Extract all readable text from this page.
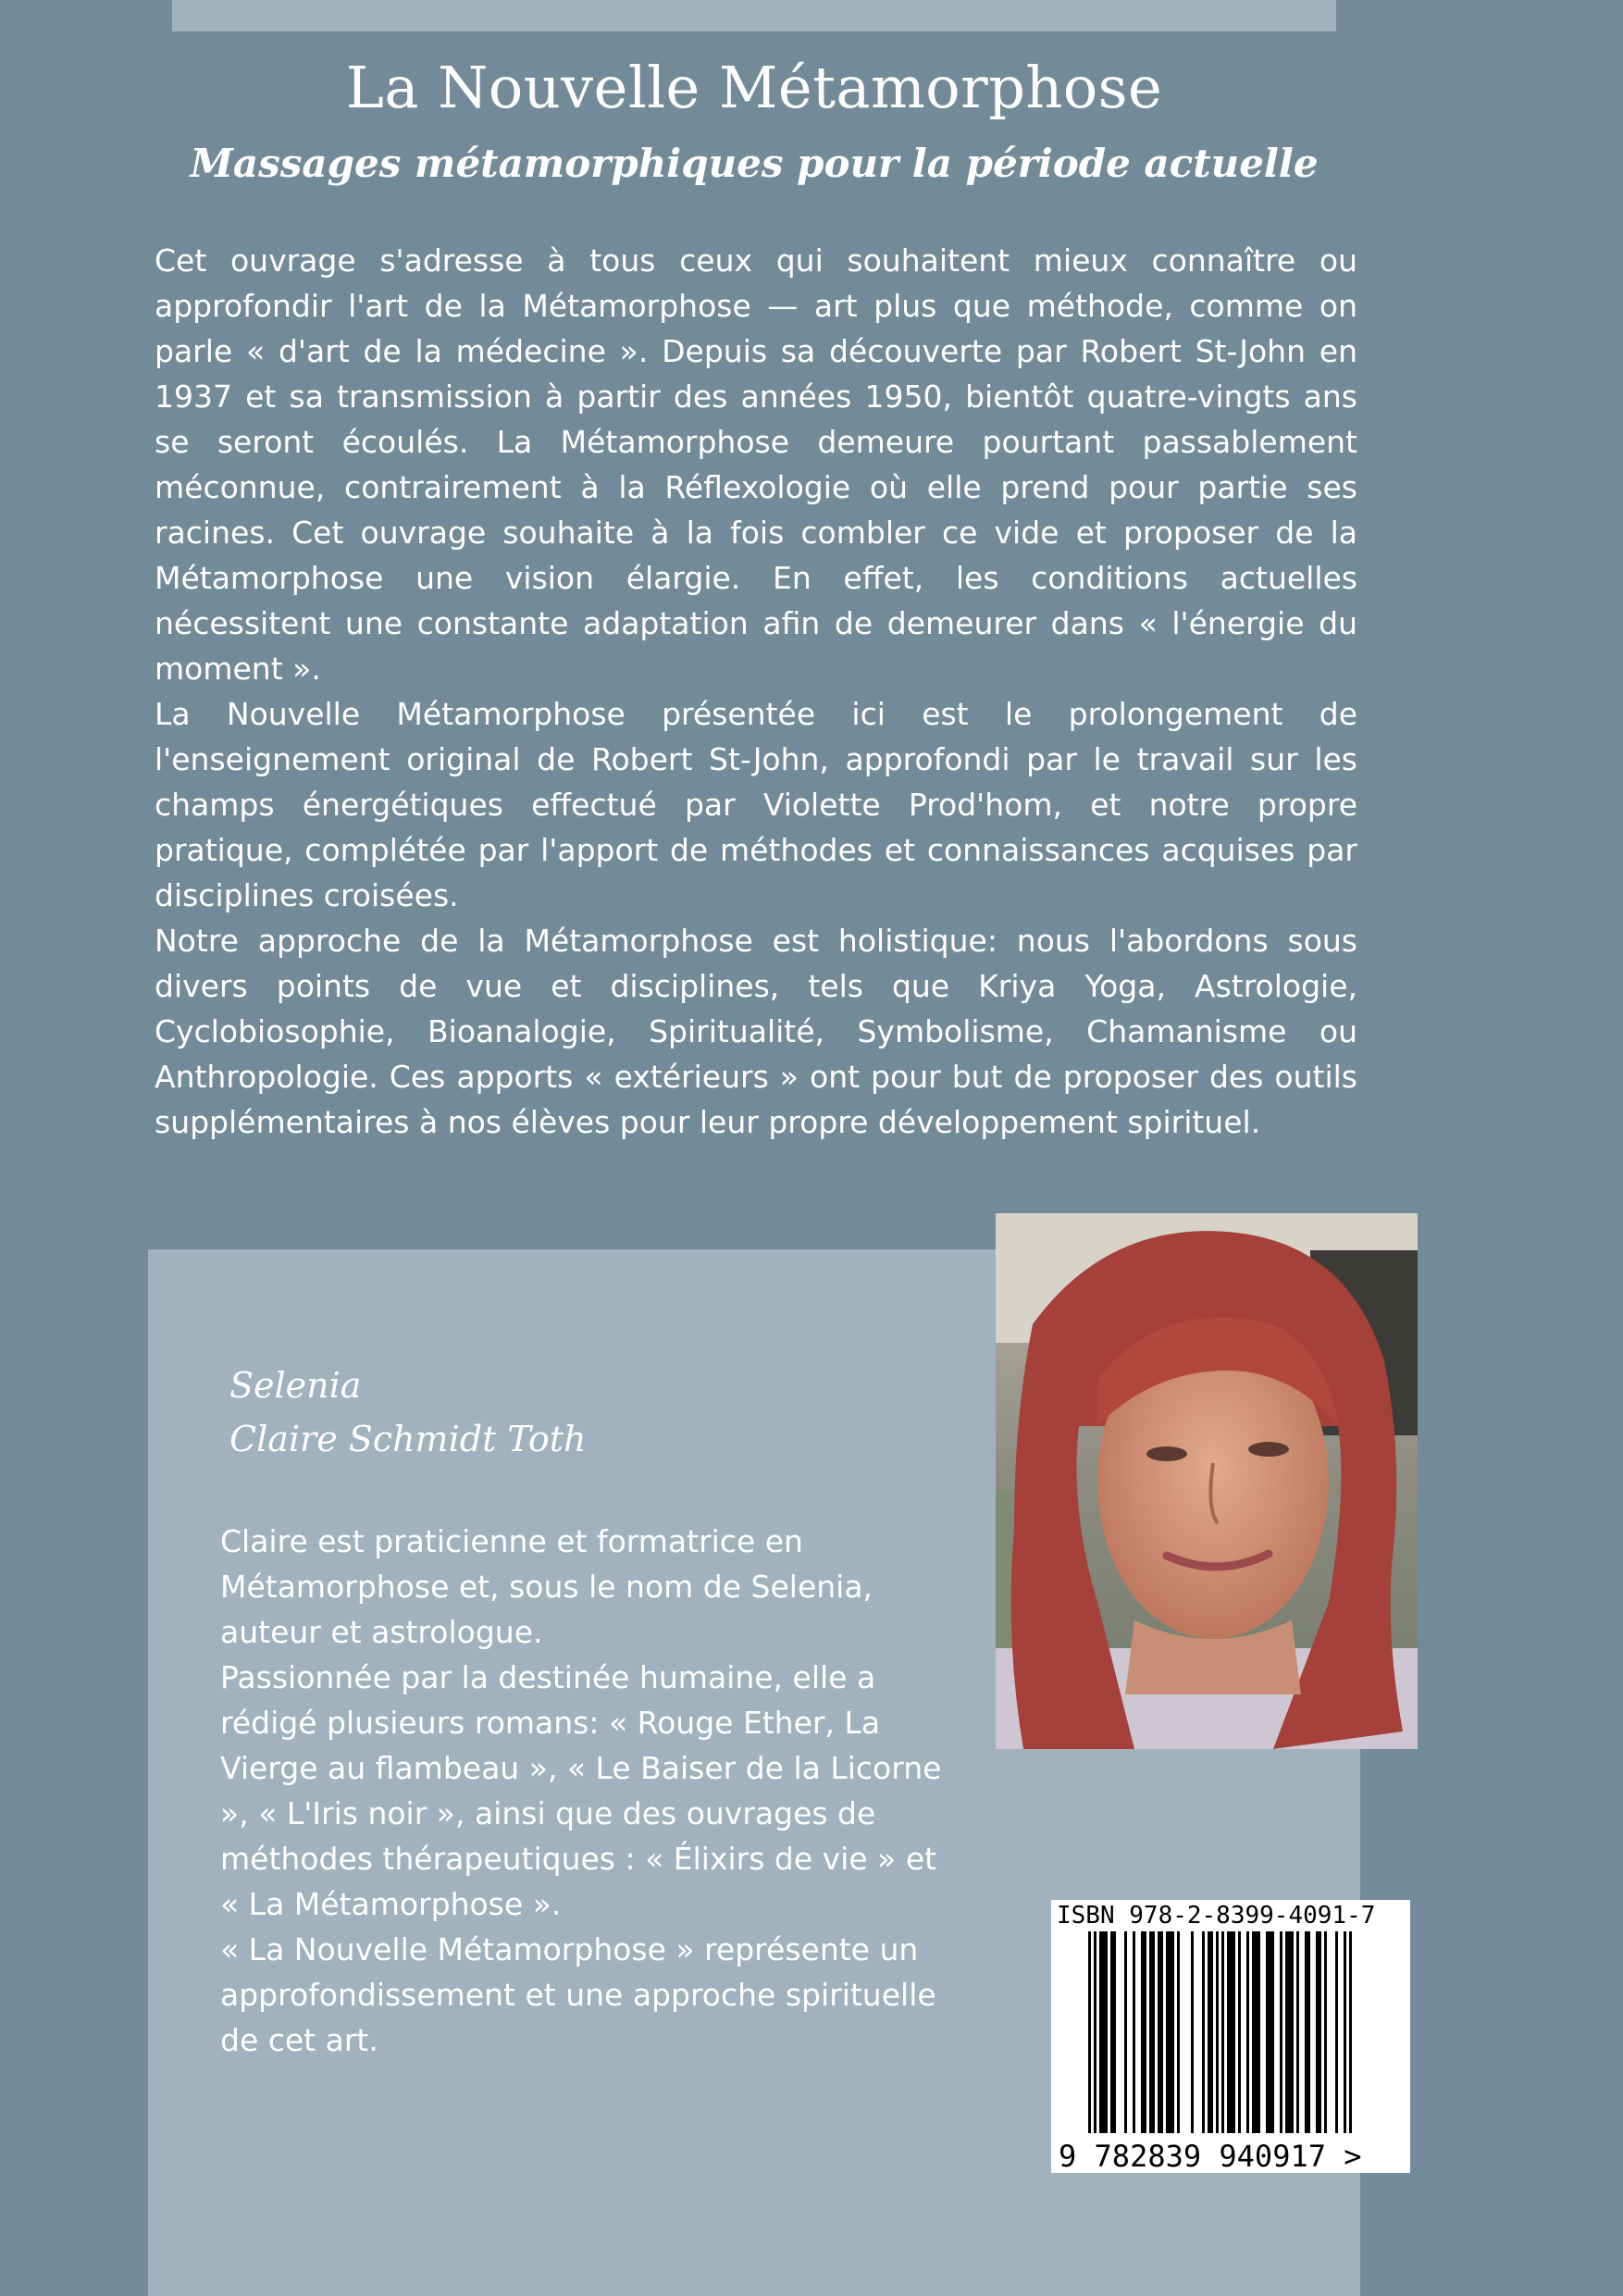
La Nouvelle Métamorphose
Massages métamorphiques pour la période actuelle

Cet ouvrage s'adresse à tous ceux qui souhaitent mieux connaître ou approfondir l'art de la Métamorphose — art plus que méthode, comme on parle « d'art de la médecine ». Depuis sa découverte par Robert St-John en 1937 et sa transmission à partir des années 1950, bientôt quatre-vingts ans se seront écoulés. La Métamorphose demeure pourtant passablement méconnue, contrairement à la Réflexologie où elle prend pour partie ses racines. Cet ouvrage souhaite à la fois combler ce vide et proposer de la Métamorphose une vision élargie. En effet, les conditions actuelles nécessitent une constante adaptation afin de demeurer dans « l'énergie du moment ».

La Nouvelle Métamorphose présentée ici est le prolongement de l'enseignement original de Robert St-John, approfondi par le travail sur les champs énergétiques effectué par Violette Prod'hom, et notre propre pratique, complétée par l'apport de méthodes et connaissances acquises par disciplines croisées.

Notre approche de la Métamorphose est holistique: nous l'abordons sous divers points de vue et disciplines, tels que Kriya Yoga, Astrologie, Cyclobiosophie, Bioanalogie, Spiritualité, Symbolisme, Chamanisme ou Anthropologie. Ces apports « extérieurs » ont pour but de proposer des outils supplémentaires à nos élèves pour leur propre développement spirituel.

Selenia
Claire Schmidt Toth

Claire est praticienne et formatrice en Métamorphose et, sous le nom de Selenia, auteur et astrologue.

Passionnée par la destinée humaine, elle a rédigé plusieurs romans: « Rouge Ether, La Vierge au flambeau », « Le Baiser de la Licorne », « L'Iris noir », ainsi que des ouvrages de méthodes thérapeutiques : « Élixirs de vie » et « La Métamorphose ».

« La Nouvelle Métamorphose » représente un approfondissement et une approche spirituelle de cet art.

ISBN 978-2-8399-4091-7
9 782839 940917 >
